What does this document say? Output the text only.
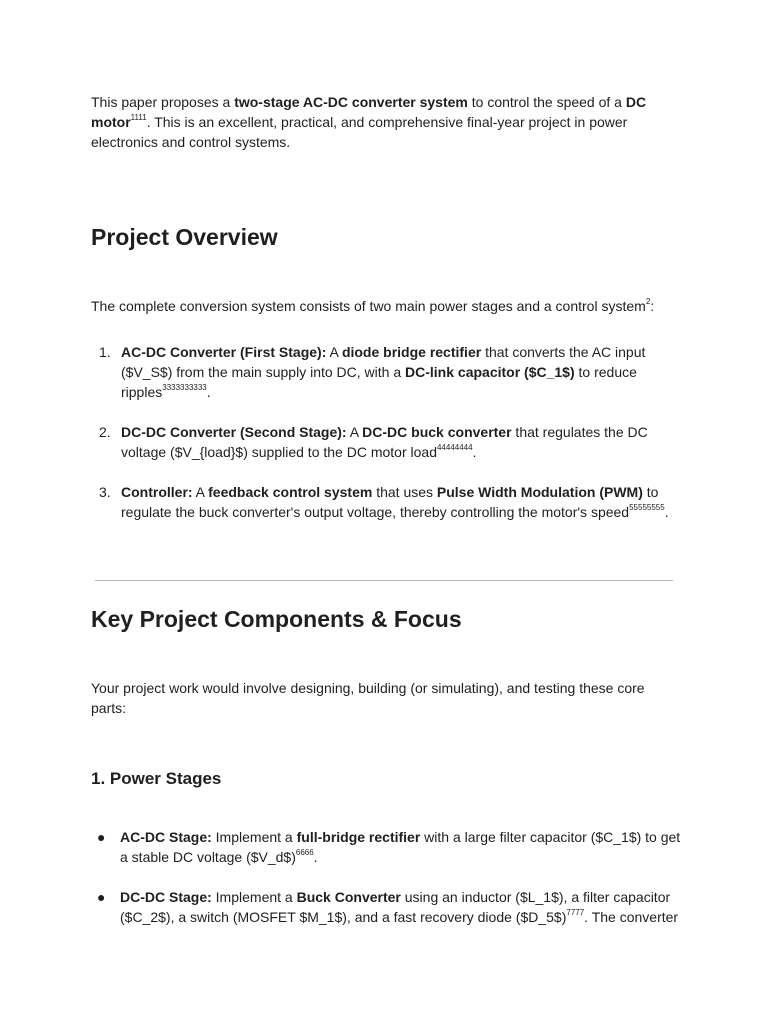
This paper proposes a two-stage AC-DC converter system to control the speed of a DC motor$^{1111}$. This is an excellent, practical, and comprehensive final-year project in power electronics and control systems.

Project Overview

The complete conversion system consists of two main power stages and a control system$^2$:

1. AC-DC Converter (First Stage): A diode bridge rectifier that converts the AC input ($V_S$) from the main supply into DC, with a DC-link capacitor ($C_1$) to reduce ripples$^{3333333333}$.
2. DC-DC Converter (Second Stage): A DC-DC buck converter that regulates the DC voltage ($V_{load}$) supplied to the DC motor load$^{44444444}$.
3. Controller: A feedback control system that uses Pulse Width Modulation (PWM) to regulate the buck converter's output voltage, thereby controlling the motor's speed$^{55555555}$.
Key Project Components & Focus

Your project work would involve designing, building (or simulating), and testing these core parts:

1. Power Stages
● AC-DC Stage: Implement a full-bridge rectifier with a large filter capacitor ($C_1$) to get a stable DC voltage ($V_d$)$^{6666}$.
● DC-DC Stage: Implement a Buck Converter using an inductor ($L_1$), a filter capacitor ($C_2$), a switch (MOSFET $M_1$), and a fast recovery diode ($D_5$)$^{7777}$. The converter
